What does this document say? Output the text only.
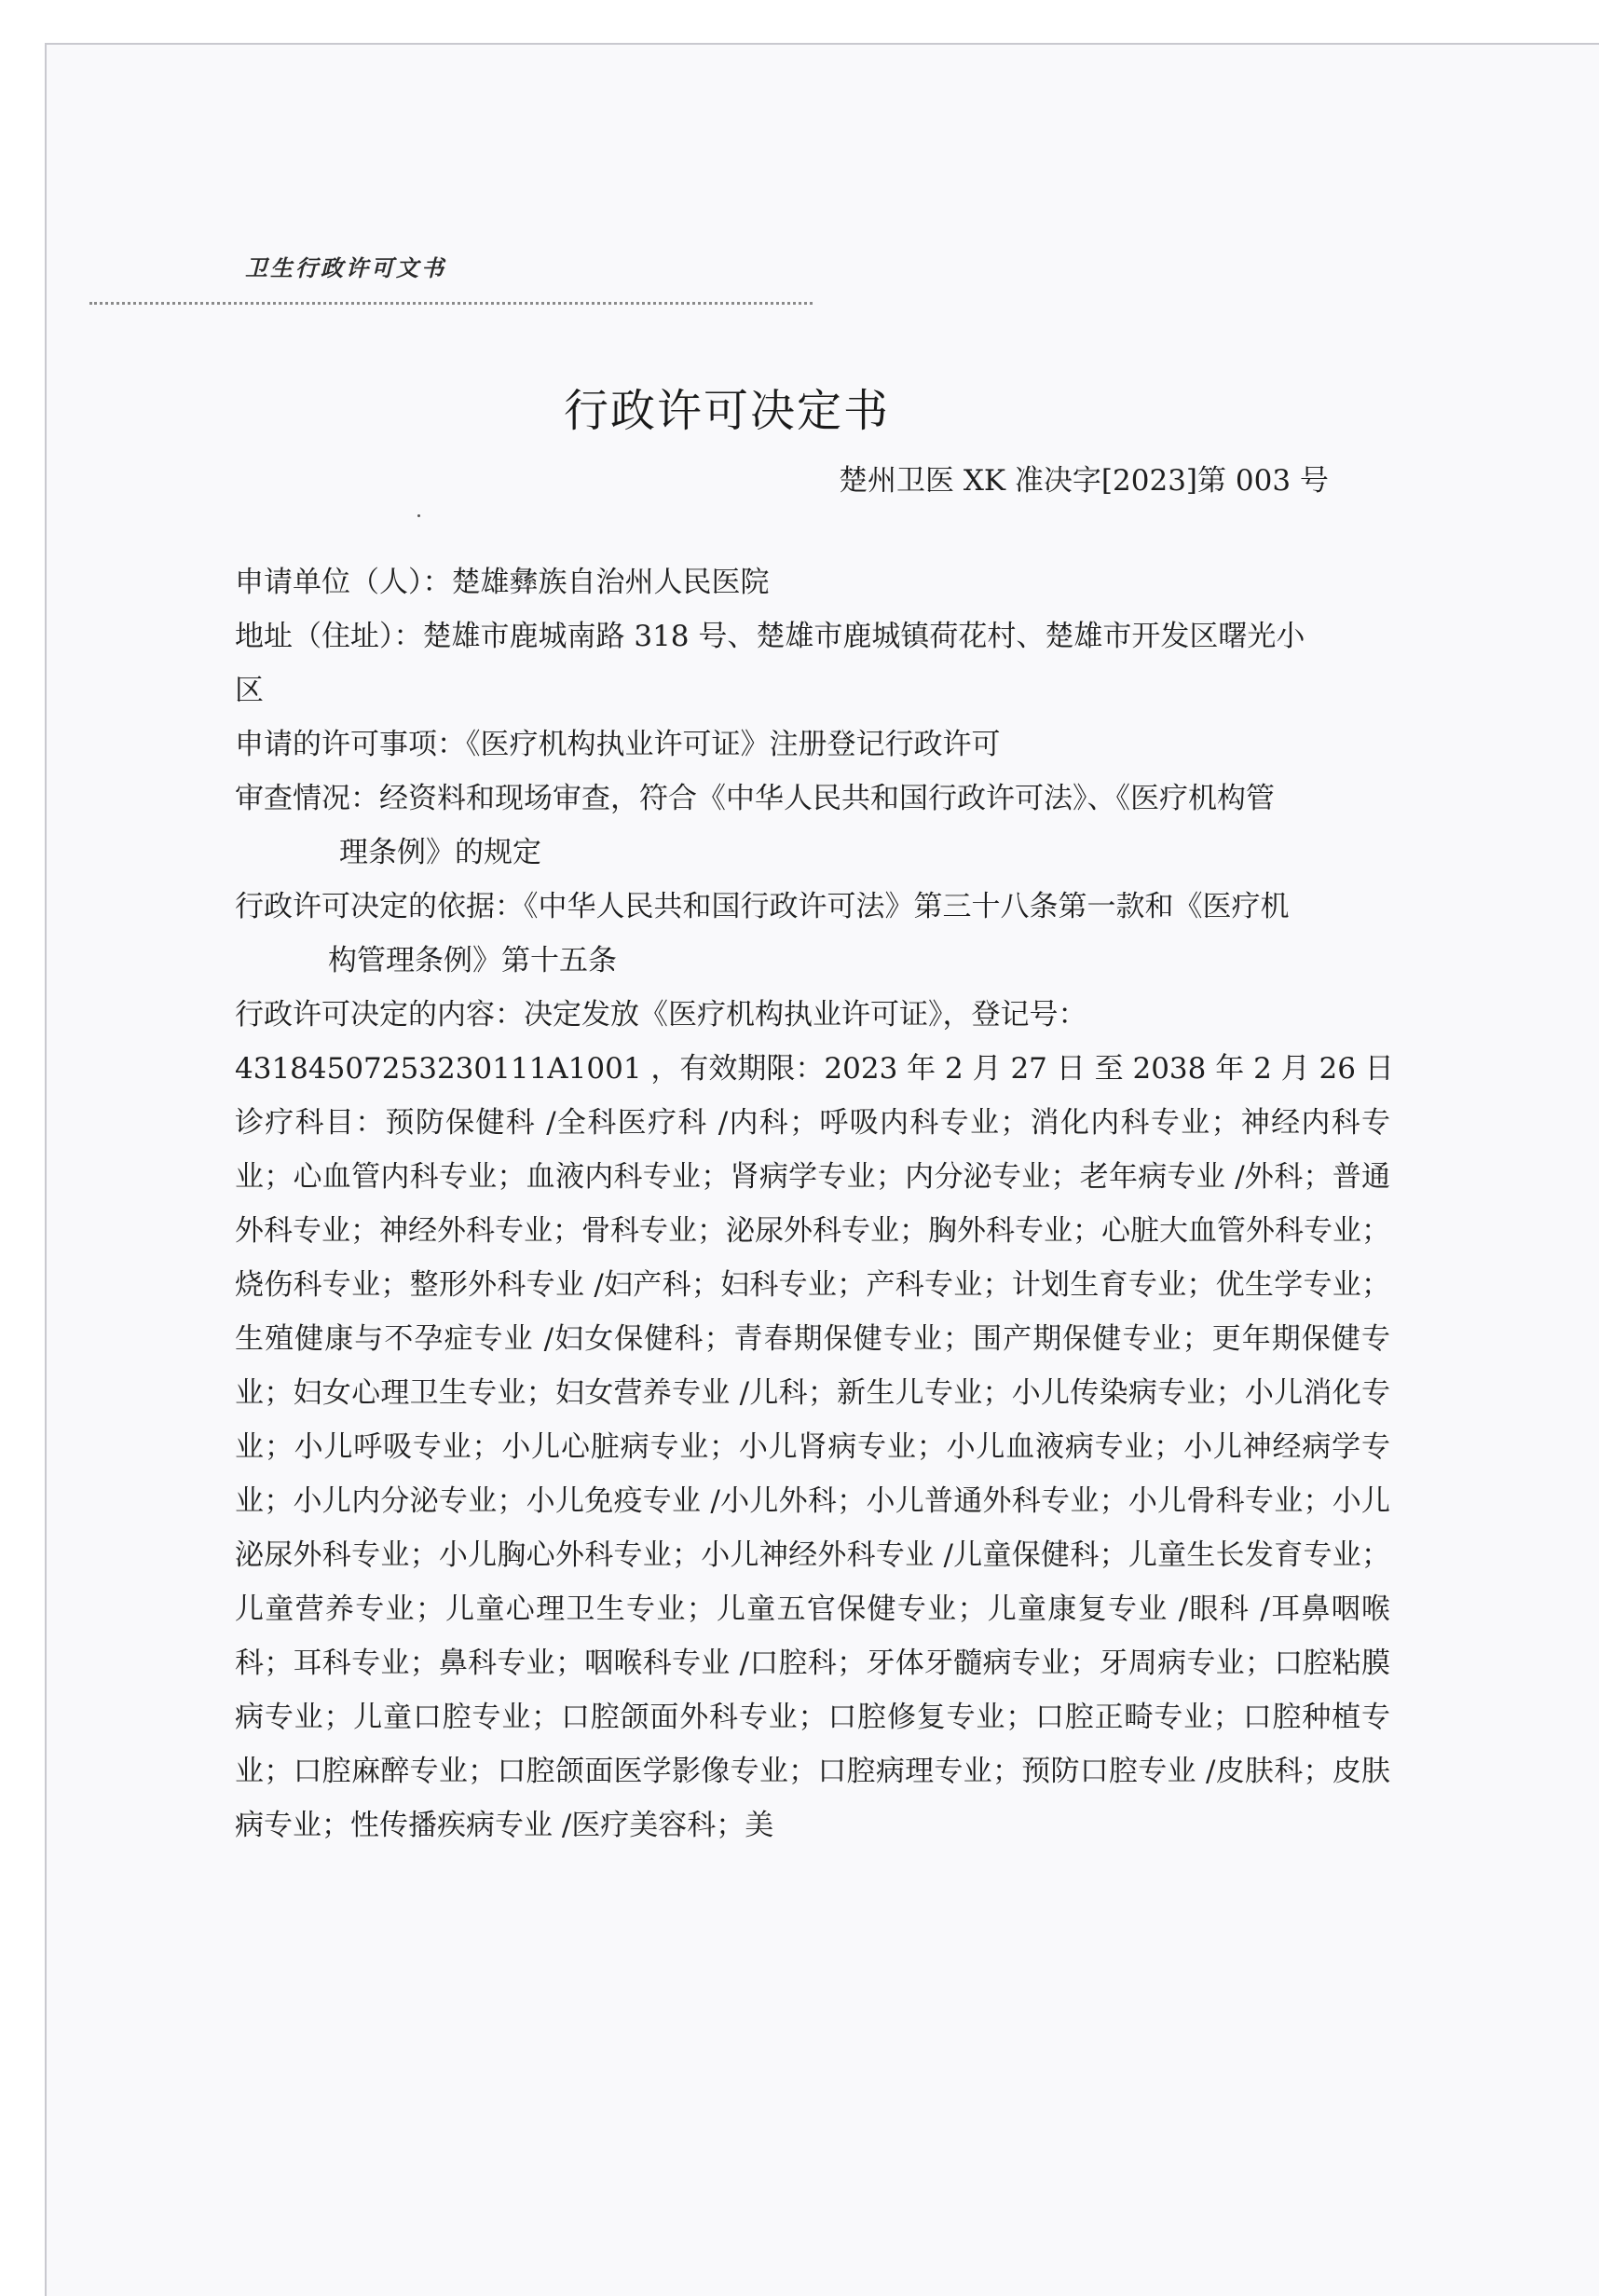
卫生行政许可文书
行政许可决定书
楚州卫医 XK 准决字[2023]第 003 号
申请单位（人）：楚雄彝族自治州人民医院
地址（住址）：楚雄市鹿城南路 318 号、楚雄市鹿城镇荷花村、楚雄市开发区曙光小
区
申请的许可事项：《医疗机构执业许可证》注册登记行政许可
审查情况：经资料和现场审查，符合《中华人民共和国行政许可法》、《医疗机构管
理条例》的规定
行政许可决定的依据：《中华人民共和国行政许可法》第三十八条第一款和《医疗机
构管理条例》第十五条
行政许可决定的内容：决定发放《医疗机构执业许可证》，登记号：
43184507253230111A1001 ，有效期限：2023 年 2 月 27 日 至 2038 年 2 月 26 日
诊疗科目：预防保健科 /全科医疗科 /内科；呼吸内科专业；消化内科专业；神经内科专业；心血管内科专业；血液内科专业；肾病学专业；内分泌专业；老年病专业 /外科；普通外科专业；神经外科专业；骨科专业；泌尿外科专业；胸外科专业；心脏大血管外科专业；烧伤科专业；整形外科专业 /妇产科；妇科专业；产科专业；计划生育专业；优生学专业；生殖健康与不孕症专业 /妇女保健科；青春期保健专业；围产期保健专业；更年期保健专业；妇女心理卫生专业；妇女营养专业 /儿科；新生儿专业；小儿传染病专业；小儿消化专业；小儿呼吸专业；小儿心脏病专业；小儿肾病专业；小儿血液病专业；小儿神经病学专业；小儿内分泌专业；小儿免疫专业 /小儿外科；小儿普通外科专业；小儿骨科专业；小儿泌尿外科专业；小儿胸心外科专业；小儿神经外科专业 /儿童保健科；儿童生长发育专业；儿童营养专业；儿童心理卫生专业；儿童五官保健专业；儿童康复专业 /眼科 /耳鼻咽喉科；耳科专业；鼻科专业；咽喉科专业 /口腔科；牙体牙髓病专业；牙周病专业；口腔粘膜病专业；儿童口腔专业；口腔颌面外科专业；口腔修复专业；口腔正畸专业；口腔种植专业；口腔麻醉专业；口腔颌面医学影像专业；口腔病理专业；预防口腔专业 /皮肤科；皮肤病专业；性传播疾病专业 /医疗美容科；美
